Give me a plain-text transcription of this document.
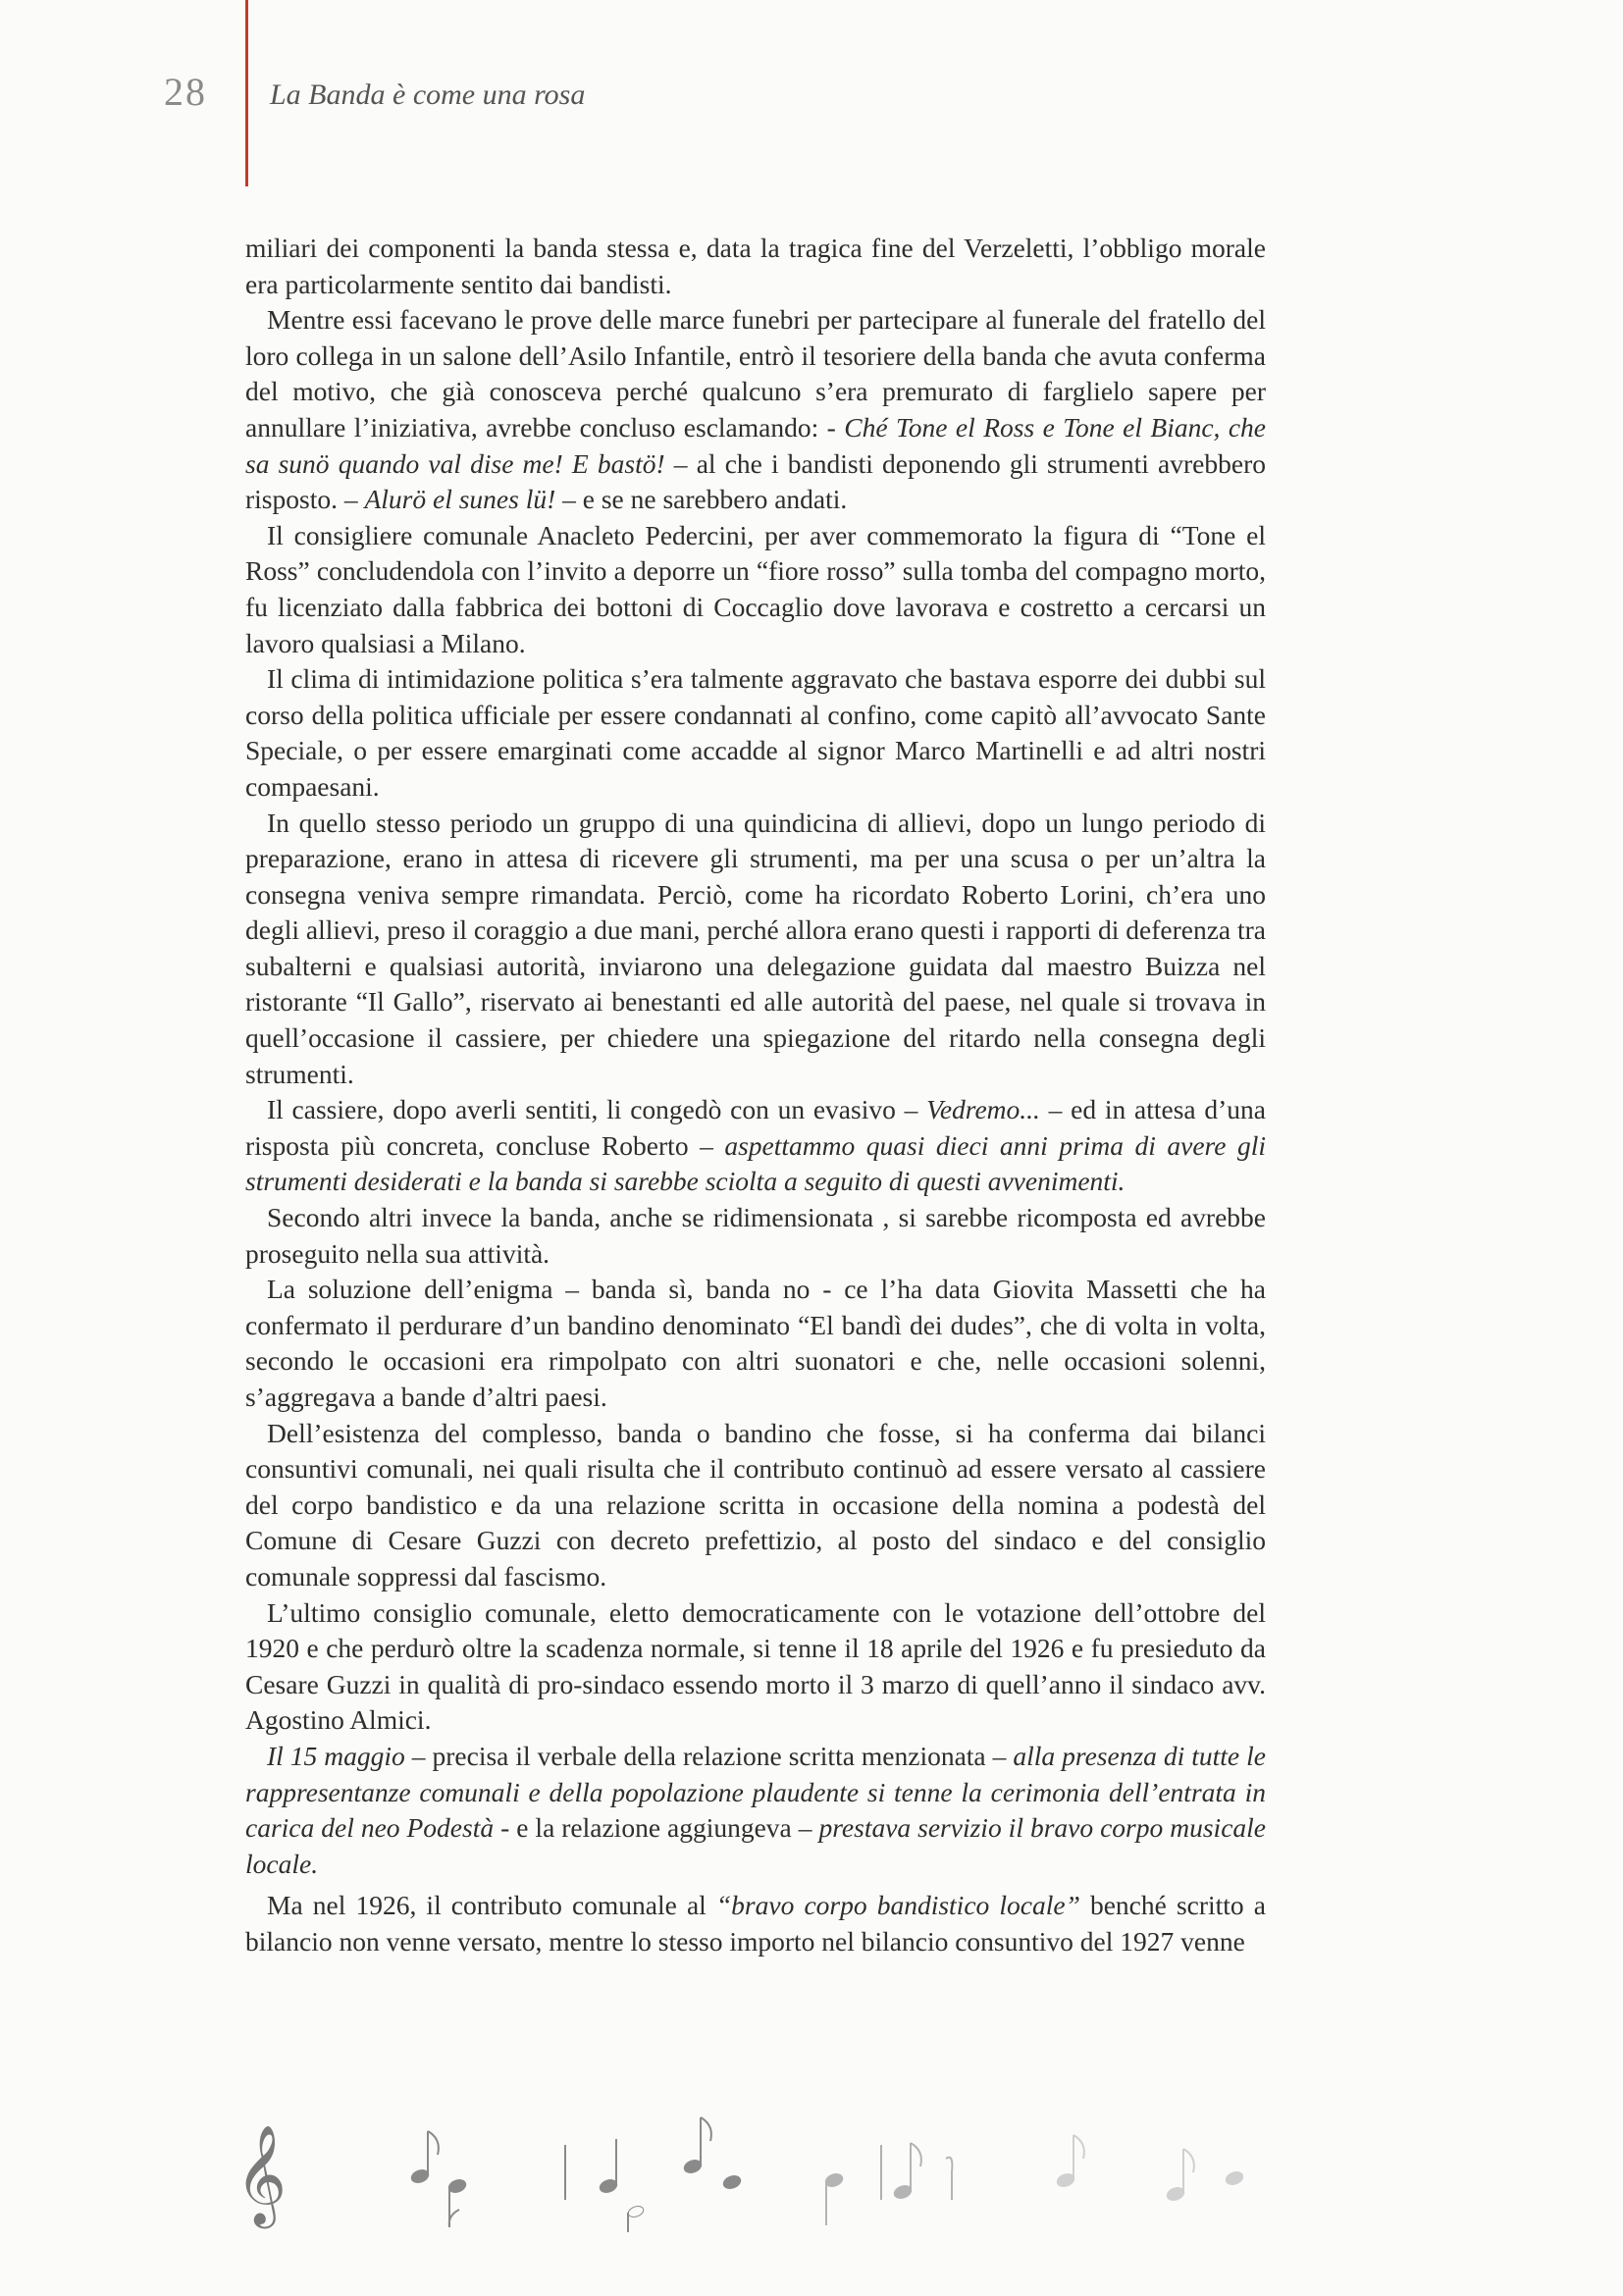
28 La Banda è come una rosa

miliari dei componenti la banda stessa e, data la tragica fine del Verzeletti, l’obbligo morale era particolarmente sentito dai bandisti.

Mentre essi facevano le prove delle marce funebri per partecipare al funerale del fratello del loro collega in un salone dell’Asilo Infantile, entrò il tesoriere della banda che avuta conferma del motivo, che già conosceva perché qualcuno s’era premurato di farglielo sapere per annullare l’iniziativa, avrebbe concluso esclamando: - Ché Tone el Ross e Tone el Bianc, che sa sunö quando val dise me! E bastö! – al che i bandisti deponendo gli strumenti avrebbero risposto. – Alurö el sunes lü! – e se ne sarebbero andati.

Il consigliere comunale Anacleto Pedercini, per aver commemorato la figura di “Tone el Ross” concludendola con l’invito a deporre un “fiore rosso” sulla tomba del compagno morto, fu licenziato dalla fabbrica dei bottoni di Coccaglio dove lavorava e costretto a cercarsi un lavoro qualsiasi a Milano.

Il clima di intimidazione politica s’era talmente aggravato che bastava esporre dei dubbi sul corso della politica ufficiale per essere condannati al confino, come capitò all’avvocato Sante Speciale, o per essere emarginati come accadde al signor Marco Martinelli e ad altri nostri compaesani.

In quello stesso periodo un gruppo di una quindicina di allievi, dopo un lungo periodo di preparazione, erano in attesa di ricevere gli strumenti, ma per una scusa o per un’altra la consegna veniva sempre rimandata. Perciò, come ha ricordato Roberto Lorini, ch’era uno degli allievi, preso il coraggio a due mani, perché allora erano questi i rapporti di deferenza tra subalterni e qualsiasi autorità, inviarono una delegazione guidata dal maestro Buizza nel ristorante “Il Gallo”, riservato ai benestanti ed alle autorità del paese, nel quale si trovava in quell’occasione il cassiere, per chiedere una spiegazione del ritardo nella consegna degli strumenti.

Il cassiere, dopo averli sentiti, li congedò con un evasivo – Vedremo... – ed in attesa d’una risposta più concreta, concluse Roberto – aspettammo quasi dieci anni prima di avere gli strumenti desiderati e la banda si sarebbe sciolta a seguito di questi avvenimenti.

Secondo altri invece la banda, anche se ridimensionata , si sarebbe ricomposta ed avrebbe proseguito nella sua attività.

La soluzione dell’enigma – banda sì, banda no - ce l’ha data Giovita Massetti che ha confermato il perdurare d’un bandino denominato “El bandì dei dudes”, che di volta in volta, secondo le occasioni era rimpolpato con altri suonatori e che, nelle occasioni solenni, s’aggregava a bande d’altri paesi.

Dell’esistenza del complesso, banda o bandino che fosse, si ha conferma dai bilanci consuntivi comunali, nei quali risulta che il contributo continuò ad essere versato al cassiere del corpo bandistico e da una relazione scritta in occasione della nomina a podestà del Comune di Cesare Guzzi con decreto prefettizio, al posto del sindaco e del consiglio comunale soppressi dal fascismo.

L’ultimo consiglio comunale, eletto democraticamente con le votazione dell’ottobre del 1920 e che perdurò oltre la scadenza normale, si tenne il 18 aprile del 1926 e fu presieduto da Cesare Guzzi in qualità di pro-sindaco essendo morto il 3 marzo di quell’anno il sindaco avv. Agostino Almici.

Il 15 maggio – precisa il verbale della relazione scritta menzionata – alla presenza di tutte le rappresentanze comunali e della popolazione plaudente si tenne la cerimonia dell’entrata in carica del neo Podestà - e la relazione aggiungeva – prestava servizio il bravo corpo musicale locale.

Ma nel 1926, il contributo comunale al “bravo corpo bandistico locale” benché scritto a bilancio non venne versato, mentre lo stesso importo nel bilancio consuntivo del 1927 venne

𝄞
